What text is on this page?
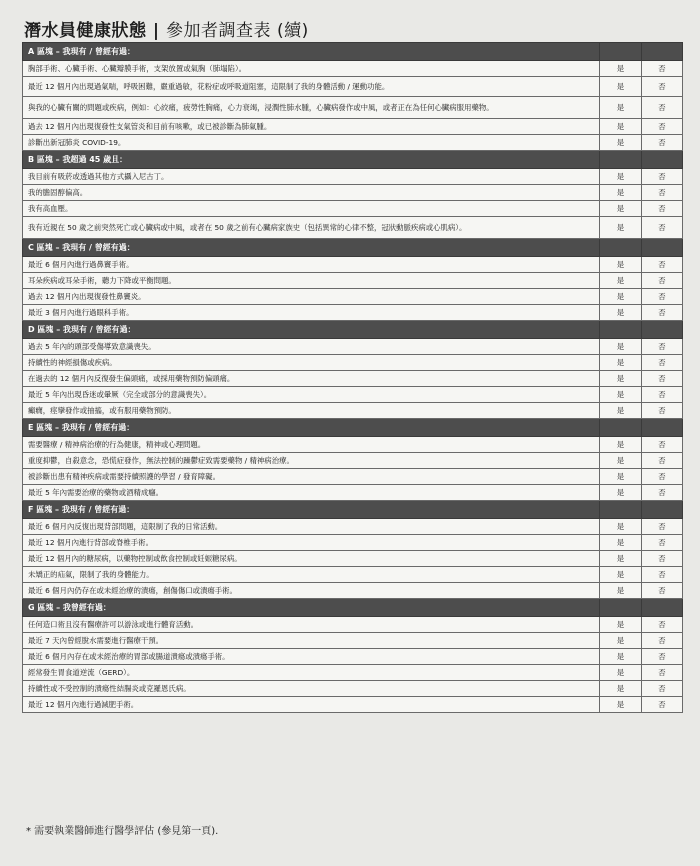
潛水員健康狀態 | 參加者調查表 (續)
A 區塊 – 我現有 / 曾經有過：		
胸部手術、心臟手術、心臟瓣膜手術，支架放置或氣胸（肺塌陷）。	是	否
最近 12 個月內出現過氣喘，呼吸困難，嚴重過敏，花粉症或呼吸道阻塞，這限制了我的身體活動 / 運動功能。	是	否
與我的心臟有關的問題或疾病，例如：心絞痛，疲勞性胸痛，心力衰竭，浸潤性肺水腫，心臟病發作或中風，或者正在為任何心臟病服用藥物。	是	否
過去 12 個月內出現復發性支氣管炎和目前有咳嗽，或已被診斷為肺氣腫。	是	否
診斷出新冠肺炎 COVID-19。	是	否
B 區塊 – 我超過 45 歲且：		
我目前有吸菸或透過其他方式攝入尼古丁。	是	否
我的膽固醇偏高。	是	否
我有高血壓。	是	否
我有近親在 50 歲之前突然死亡或心臟病或中風，或者在 50 歲之前有心臟病家族史（包括異常的心律不整，冠狀動脈疾病或心肌病）。	是	否
C 區塊 – 我現有 / 曾經有過：		
最近 6 個月內進行過鼻竇手術。	是	否
耳朵疾病或耳朵手術，聽力下降或平衡問題。	是	否
過去 12 個月內出現復發性鼻竇炎。	是	否
最近 3 個月內進行過眼科手術。	是	否
D 區塊 – 我現有 / 曾經有過：		
過去 5 年內的頭部受傷導致意識喪失。	是	否
持續性的神經損傷或疾病。	是	否
在過去的 12 個月內反復發生偏頭痛，或採用藥物預防偏頭痛。	是	否
最近 5 年內出現昏迷或暈厥（完全或部分的意識喪失）。	是	否
癲癇，痙攣發作或抽搐，或有服用藥物預防。	是	否
E 區塊 – 我現有 / 曾經有過：		
需要醫療 / 精神病治療的行為健康，精神或心理問題。	是	否
重度抑鬱，自殺意念，恐慌症發作，無法控制的躁鬱症致需要藥物 / 精神病治療。	是	否
被診斷出患有精神疾病或需要持續照護的學習 / 發育障礙。	是	否
最近 5 年內需要治療的藥物或酒精成癮。	是	否
F 區塊 – 我現有 / 曾經有過：		
最近 6 個月內反復出現背部問題，這限制了我的日常活動。	是	否
最近 12 個月內進行背部或脊椎手術。	是	否
最近 12 個月內的糖尿病，以藥物控制或飲食控制或妊娠糖尿病。	是	否
未矯正的疝氣，限制了我的身體能力。	是	否
最近 6 個月內仍存在或未經治療的潰瘍，創傷傷口或潰瘍手術。	是	否
G 區塊 – 我曾經有過：		
任何造口術且沒有醫療許可以游泳或進行體育活動。	是	否
最近 7 天內曾經脫水需要進行醫療干預。	是	否
最近 6 個月內存在或未經治療的胃部或腸道潰瘍或潰瘍手術。	是	否
經常發生胃食道逆流（GERD）。	是	否
持續性或不受控制的潰瘍性結腸炎或克羅恩氏病。	是	否
最近 12 個月內進行過減肥手術。	是	否
* 需要執業醫師進行醫學評估 (參見第一頁).
